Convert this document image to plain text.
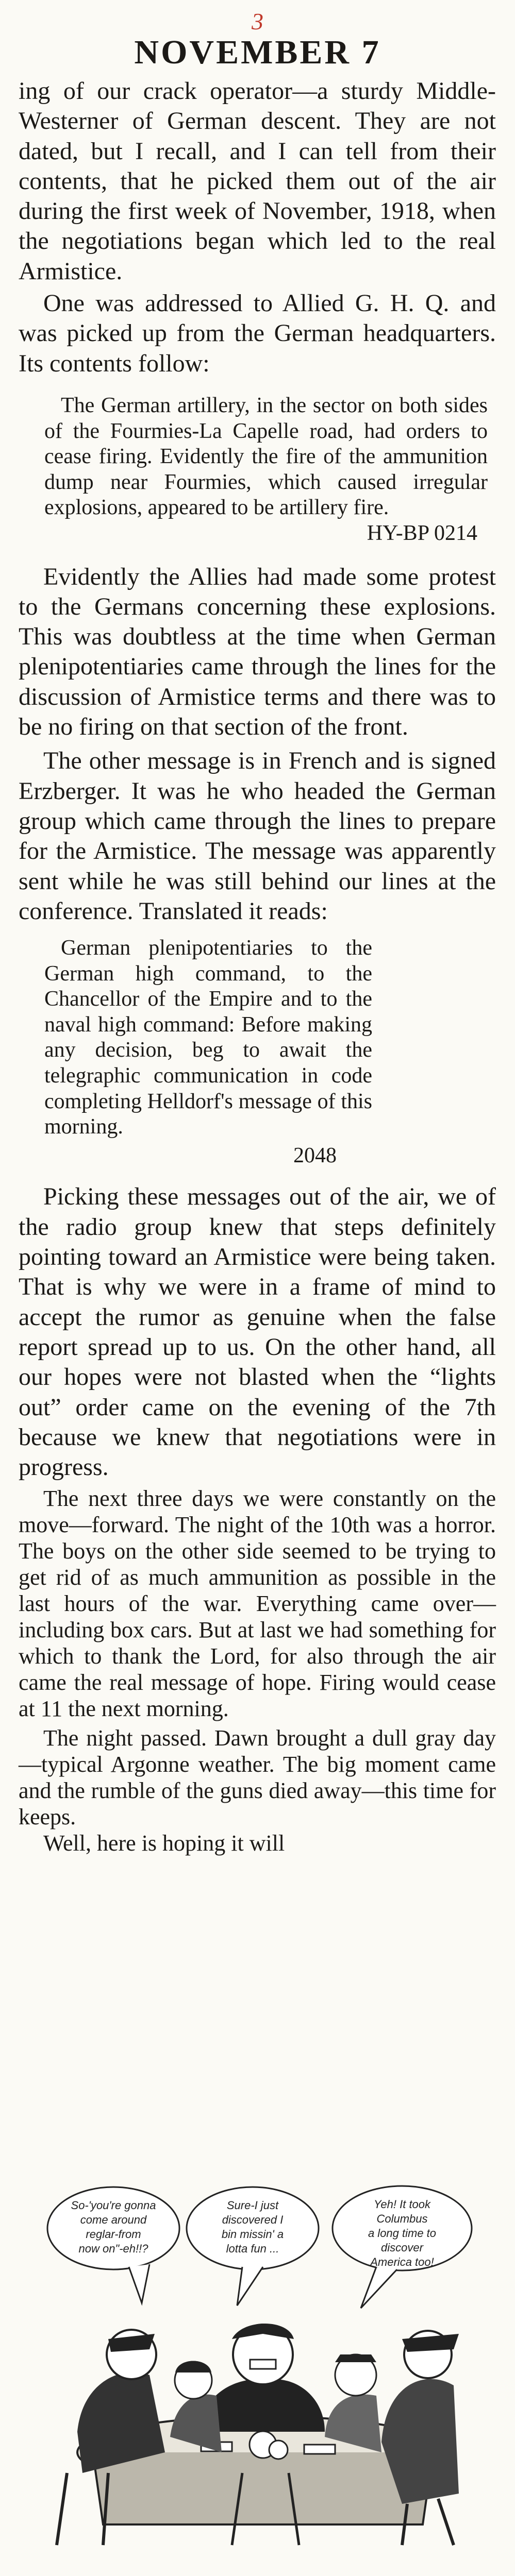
3
NOVEMBER 7

ing of our crack operator—a sturdy Middle-Westerner of German descent. They are not dated, but I recall, and I can tell from their contents, that he picked them out of the air during the first week of November, 1918, when the negotiations began which led to the real Armistice.

One was addressed to Allied G. H. Q. and was picked up from the German headquarters. Its contents follow:

The German artillery, in the sector on both sides of the Fourmies-La Capelle road, had orders to cease firing. Evidently the fire of the ammunition dump near Fourmies, which caused irregular explosions, appeared to be artillery fire.
HY-BP 0214

Evidently the Allies had made some protest to the Germans concerning these explosions. This was doubtless at the time when German plenipotentiaries came through the lines for the discussion of Armistice terms and there was to be no firing on that section of the front.

The other message is in French and is signed Erzberger. It was he who headed the German group which came through the lines to prepare for the Armistice. The message was apparently sent while he was still behind our lines at the conference. Translated it reads:

German plenipotentiaries to the German high command, to the Chancellor of the Empire and to the naval high command: Before making any decision, beg to await the telegraphic communication in code completing Helldorf's message of this morning.
2048

Picking these messages out of the air, we of the radio group knew that steps definitely pointing toward an Armistice were being taken. That is why we were in a frame of mind to accept the rumor as genuine when the false report spread up to us. On the other hand, all our hopes were not blasted when the “lights out” order came on the evening of the 7th because we knew that negotiations were in progress.

The next three days we were constantly on the move—forward. The night of the 10th was a horror. The boys on the other side seemed to be trying to get rid of as much ammunition as possible in the last hours of the war. Everything came over—including box cars. But at last we had something for which to thank the Lord, for also through the air came the real message of hope. Firing would cease at 11 the next morning.

The night passed. Dawn brought a dull gray day—typical Argonne weather. The big moment came and the rumble of the guns died away—this time for keeps.

Well, here is hoping it will

So-'you're gonna
come around
reglar-from
now on"-eh!!?
Sure-I just
discovered I
bin missin' a
lotta fun ...
Yeh! It took
Columbus
a long time to
discover
America too!
